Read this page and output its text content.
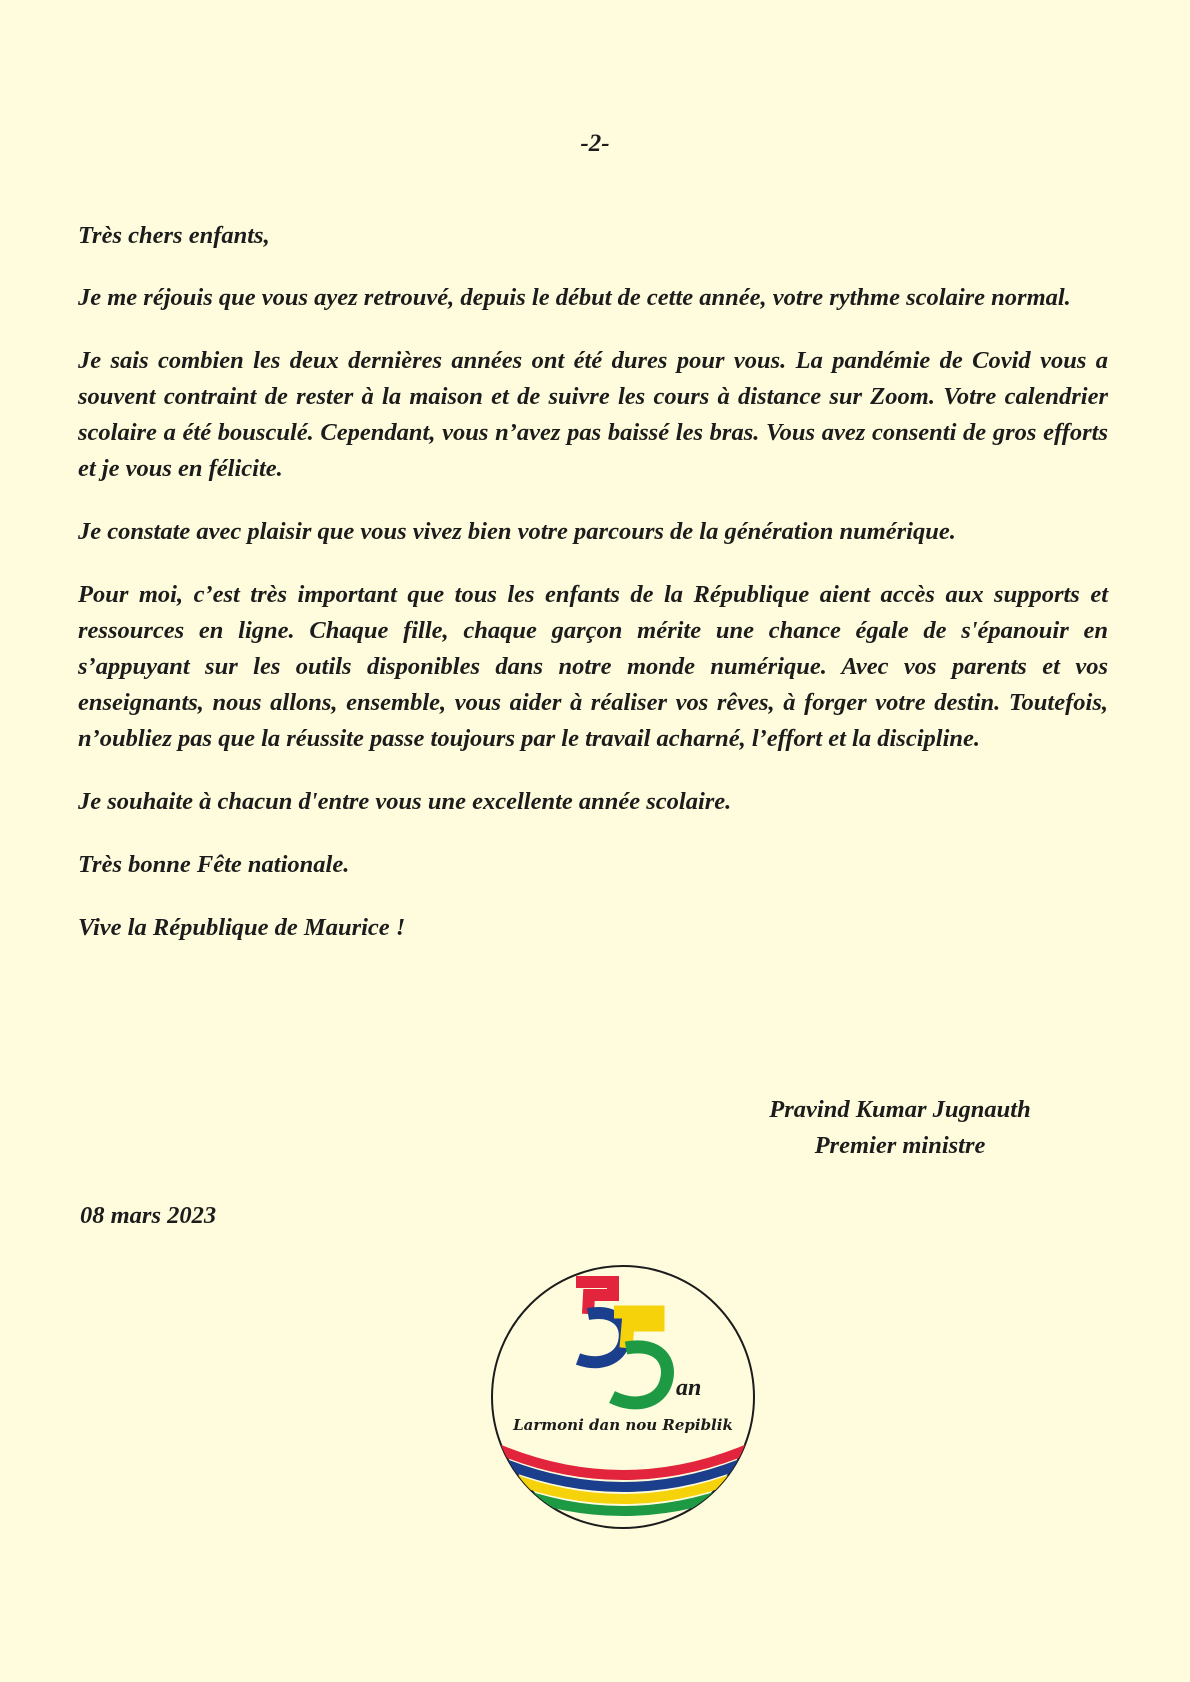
-2-

Très chers enfants,

Je me réjouis que vous ayez retrouvé, depuis le début de cette année, votre rythme scolaire normal.

Je sais combien les deux dernières années ont été dures pour vous. La pandémie de Covid vous a souvent contraint de rester à la maison et de suivre les cours à distance sur Zoom. Votre calendrier scolaire a été bousculé. Cependant, vous n’avez pas baissé les bras. Vous avez consenti de gros efforts et je vous en félicite.

Je constate avec plaisir que vous vivez bien votre parcours de la génération numérique.

Pour moi, c’est très important que tous les enfants de la République aient accès aux supports et ressources en ligne. Chaque fille, chaque garçon mérite une chance égale de s'épanouir en s’appuyant sur les outils disponibles dans notre monde numérique. Avec vos parents et vos enseignants, nous allons, ensemble, vous aider à réaliser vos rêves, à forger votre destin. Toutefois, n’oubliez pas que la réussite passe toujours par le travail acharné, l’effort et la discipline.

Je souhaite à chacun d'entre vous une excellente année scolaire.

Très bonne Fête nationale.

Vive la République de Maurice !

Pravind Kumar Jugnauth
Premier ministre
08 mars 2023
an
Larmoni dan nou Repiblik
